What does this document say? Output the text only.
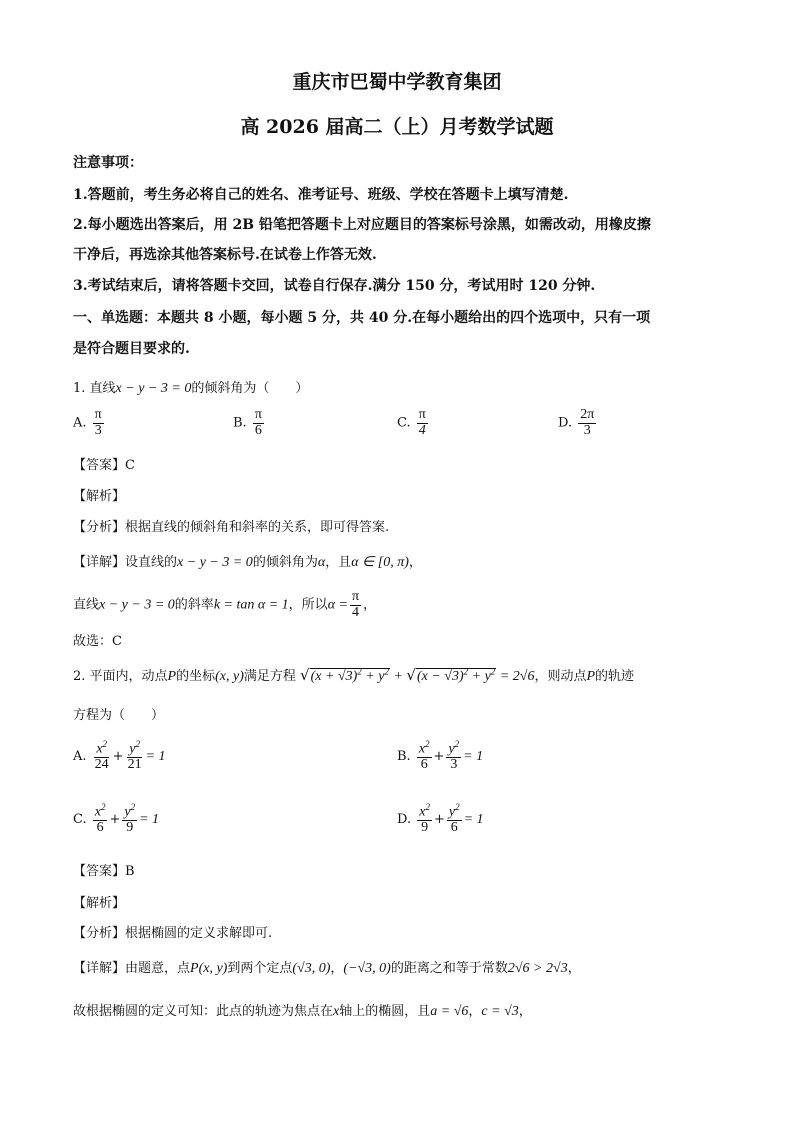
重庆市巴蜀中学教育集团
高 2026 届高二（上）月考数学试题
注意事项：
1.答题前，考生务必将自己的姓名、准考证号、班级、学校在答题卡上填写清楚.
2.每小题选出答案后，用 2B 铅笔把答题卡上对应题目的答案标号涂黑，如需改动，用橡皮擦
干净后，再选涂其他答案标号.在试卷上作答无效.
3.考试结束后，请将答题卡交回，试卷自行保存.满分 150 分，考试用时 120 分钟.
一、单选题：本题共 8 小题，每小题 5 分，共 40 分.在每小题给出的四个选项中，只有一项
是符合题目要求的.
1. 直线x − y − 3 = 0的倾斜角为（　　）
A. $\frac{\pi}{3}$	B. $\frac{\pi}{6}$	C. $\frac{\pi}{4}$	D. $\frac{2\pi}{3}$
【答案】C
【解析】
【分析】根据直线的倾斜角和斜率的关系，即可得答案.
【详解】设直线的x − y − 3 = 0的倾斜角为α，且α ∈ [0, π)，
直线x − y − 3 = 0的斜率k = tan α = 1，所以$\alpha = \frac{\pi}{4}$ ，
故选：C
2. 平面内，动点P的坐标(x, y)满足方程 $√(x + √3)^2 + y^2 + √(x - √3)^2 + y^2 = 2√6$，则动点P的轨迹
方程为（　　）
A. $\frac{x^2}{24} + \frac{y^2}{21} = 1$	B. $\frac{x^2}{6} + \frac{y^2}{3} = 1$
C. $\frac{x^2}{6} + \frac{y^2}{9} = 1$	D. $\frac{x^2}{9} + \frac{y^2}{6} = 1$
【答案】B
【解析】
【分析】根据椭圆的定义求解即可.
【详解】由题意，点P(x, y)到两个定点(√3, 0)，(−√3, 0)的距离之和等于常数2√6 > 2√3，
故根据椭圆的定义可知：此点的轨迹为焦点在x轴上的椭圆，且a = √6，c = √3，
